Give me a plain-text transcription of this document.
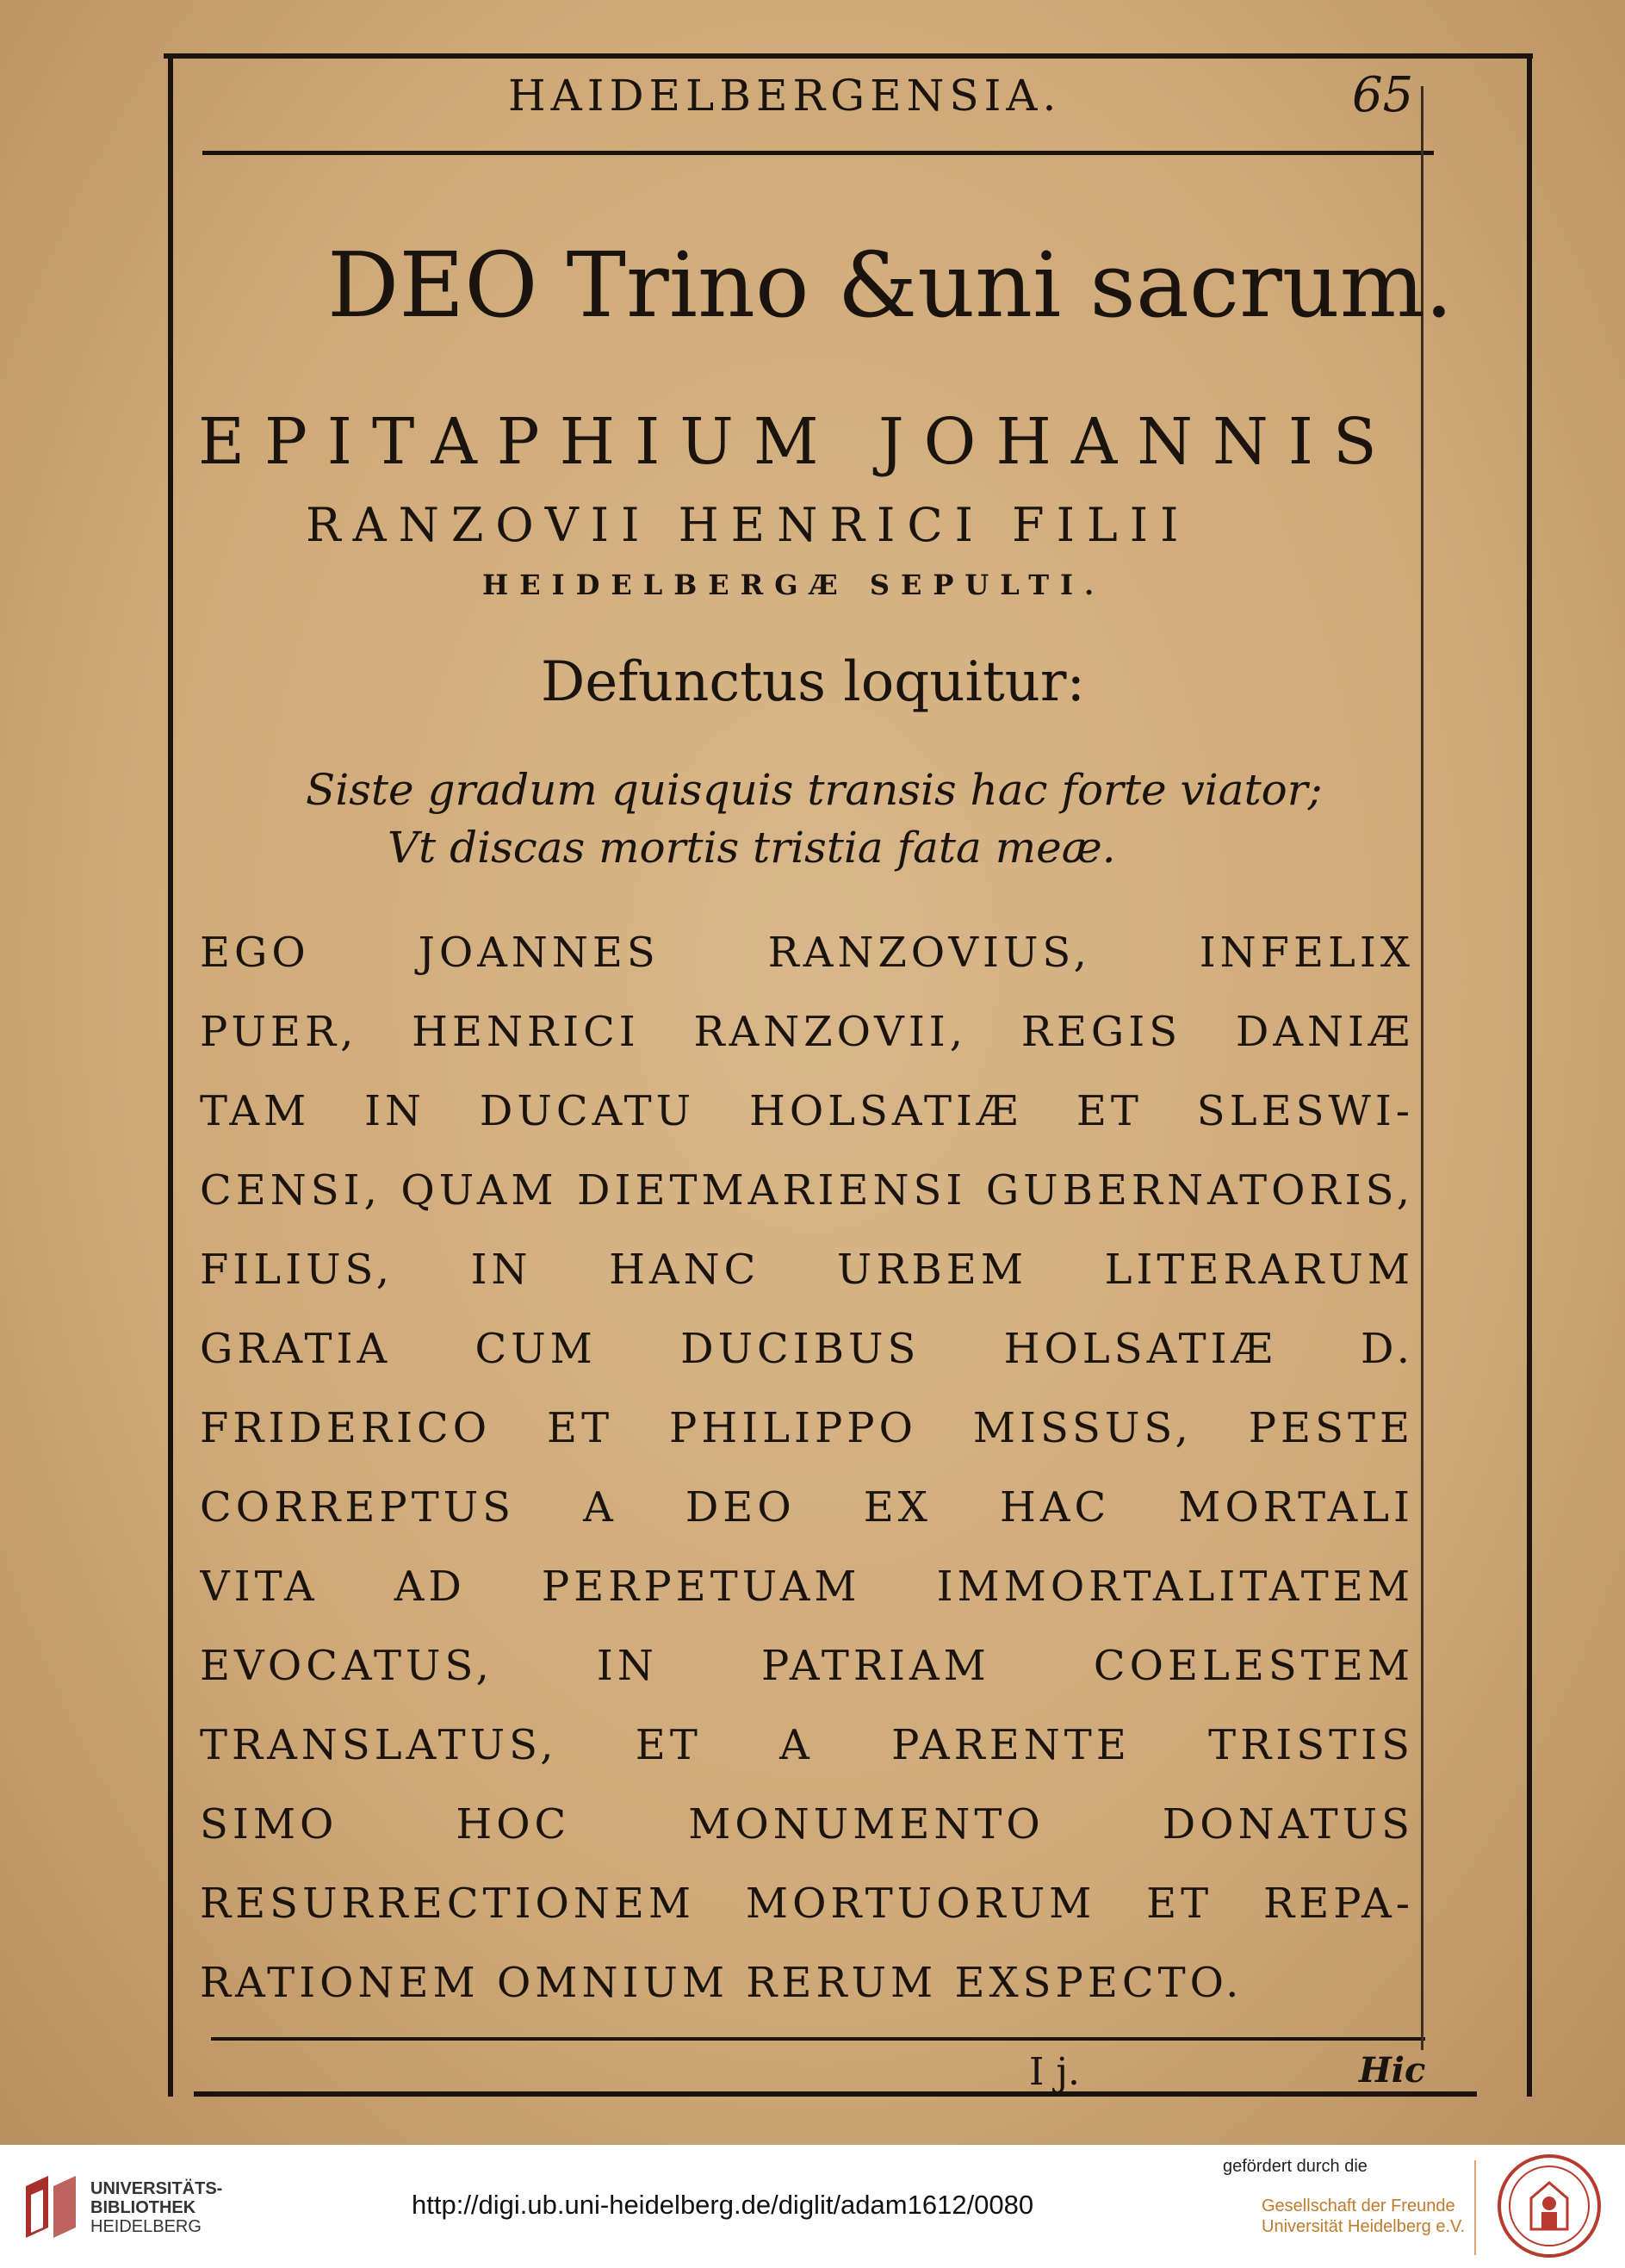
HAIDELBERGENSIA.	65
DEO Trino &uni sacrum.
EPITAPHIUM JOHANNIS
RANZOVII HENRICI FILII
HEIDELBERGÆ SEPULTI.
Defunctus loquitur:
Siste gradum quisquis transis hac forte viator;
Vt discas mortis tristia fata meæ.
EGO JOANNES RANZOVIUS, INFELIX
PUER, HENRICI RANZOVII, REGIS DANIÆ
TAM IN DUCATU HOLSATIÆ ET SLESWI-
CENSI, QUAM DIETMARIENSI GUBERNATORIS,
FILIUS, IN HANC URBEM LITERARUM
GRATIA CUM DUCIBUS HOLSATIÆ D.
FRIDERICO ET PHILIPPO MISSUS, PESTE
CORREPTUS A DEO EX HAC MORTALI
VITA AD PERPETUAM IMMORTALITATEM
EVOCATUS, IN PATRIAM COELESTEM
TRANSLATUS, ET A PARENTE TRISTIS
SIMO HOC MONUMENTO DONATUS
RESURRECTIONEM MORTUORUM ET REPA-
RATIONEM OMNIUM RERUM EXSPECTO.
I j.	Hic
UNIVERSITÄTS-
BIBLIOTHEK
HEIDELBERG
http://digi.ub.uni-heidelberg.de/diglit/adam1612/0080
gefördert durch die
Gesellschaft der Freunde
Universität Heidelberg e.V.
